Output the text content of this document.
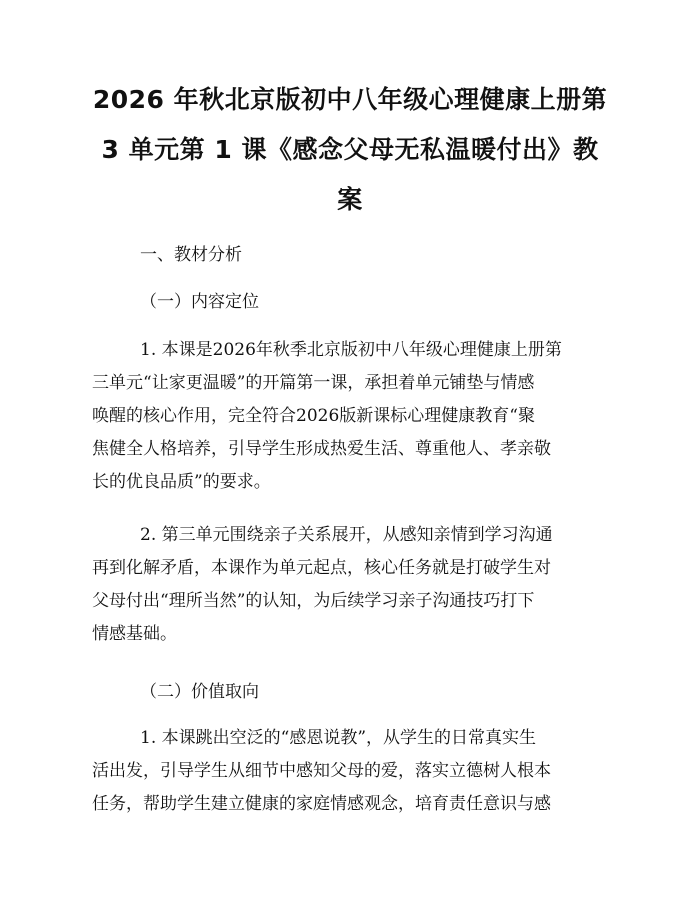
2026 年秋北京版初中八年级心理健康上册第
3 单元第 1 课《感念父母无私温暖付出》教
案
一、教材分析
（一）内容定位
1. 本课是2026年秋季北京版初中八年级心理健康上册第
三单元“让家更温暖”的开篇第一课，承担着单元铺垫与情感
唤醒的核心作用，完全符合2026版新课标心理健康教育“聚
焦健全人格培养，引导学生形成热爱生活、尊重他人、孝亲敬
长的优良品质”的要求。
2. 第三单元围绕亲子关系展开，从感知亲情到学习沟通
再到化解矛盾，本课作为单元起点，核心任务就是打破学生对
父母付出“理所当然”的认知，为后续学习亲子沟通技巧打下
情感基础。
（二）价值取向
1. 本课跳出空泛的“感恩说教”，从学生的日常真实生
活出发，引导学生从细节中感知父母的爱，落实立德树人根本
任务，帮助学生建立健康的家庭情感观念，培育责任意识与感
